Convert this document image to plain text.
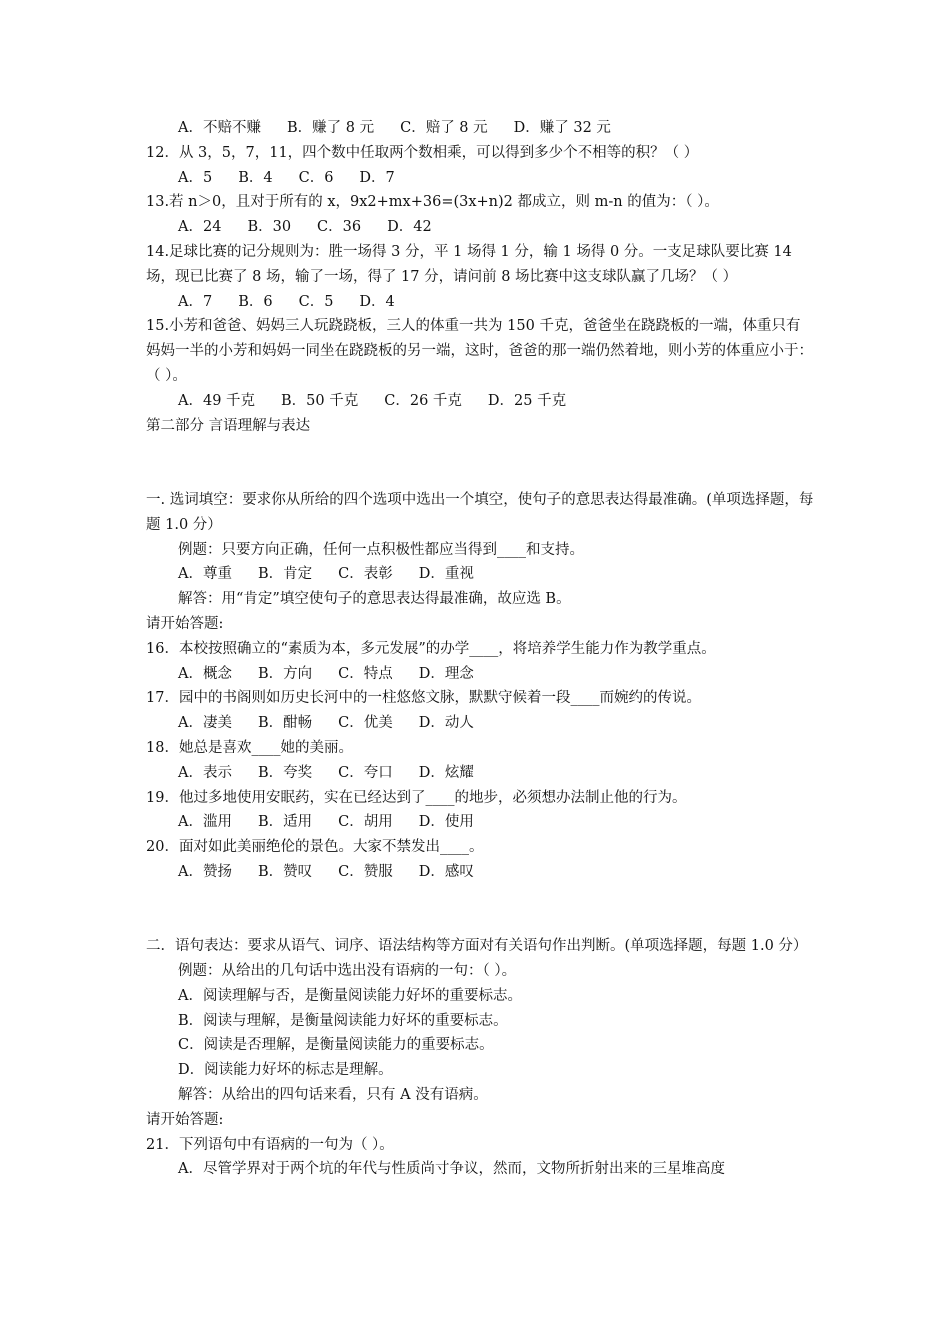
A．不赔不赚 B．赚了 8 元 C．赔了 8 元 D．赚了 32 元
12．从 3，5，7，11，四个数中任取两个数相乘，可以得到多少个不相等的积？（ ）
A．5 B．4 C．6 D．7
13.若 n＞0，且对于所有的 x，9x2+mx+36=(3x+n)2 都成立，则 m-n 的值为：（ ）。
A．24 B．30 C．36 D．42
14.足球比赛的记分规则为：胜一场得 3 分，平 1 场得 1 分，输 1 场得 0 分。一支足球队要比赛 14 场，现已比赛了 8 场，输了一场，得了 17 分，请问前 8 场比赛中这支球队赢了几场？（ ）
A．7 B．6 C．5 D．4
15.小芳和爸爸、妈妈三人玩跷跷板，三人的体重一共为 150 千克，爸爸坐在跷跷板的一端，体重只有妈妈一半的小芳和妈妈一同坐在跷跷板的另一端，这时，爸爸的那一端仍然着地，则小芳的体重应小于：（ ）。
A．49 千克 B．50 千克 C．26 千克 D．25 千克
第二部分 言语理解与表达
一. 选词填空：要求你从所给的四个选项中选出一个填空，使句子的意思表达得最准确。(单项选择题，每题 1.0 分）
例题：只要方向正确，任何一点积极性都应当得到____和支持。
A．尊重 B．肯定 C．表彰 D．重视
解答：用“肯定”填空使句子的意思表达得最准确，故应选 B。
请开始答题:
16．本校按照确立的“素质为本，多元发展”的办学____，将培养学生能力作为教学重点。
A．概念 B．方向 C．特点 D．理念
17．园中的书阁则如历史长河中的一柱悠悠文脉，默默守候着一段____而婉约的传说。
A．凄美 B．酣畅 C．优美 D．动人
18．她总是喜欢____她的美丽。
A．表示 B．夸奖 C．夸口 D．炫耀
19．他过多地使用安眠药，实在已经达到了____的地步，必须想办法制止他的行为。
A．滥用 B．适用 C．胡用 D．使用
20．面对如此美丽绝伦的景色。大家不禁发出____。
A．赞扬 B．赞叹 C．赞服 D．感叹
二．语句表达：要求从语气、词序、语法结构等方面对有关语句作出判断。(单项选择题，每题 1.0 分）
例题：从给出的几句话中选出没有语病的一句：（ ）。
A．阅读理解与否，是衡量阅读能力好坏的重要标志。
B．阅读与理解，是衡量阅读能力好坏的重要标志。
C．阅读是否理解，是衡量阅读能力的重要标志。
D．阅读能力好坏的标志是理解。
解答：从给出的四句话来看，只有 A 没有语病。
请开始答题:
21．下列语句中有语病的一句为（ ）。
A．尽管学界对于两个坑的年代与性质尚寸争议，然而，文物所折射出来的三星堆高度
